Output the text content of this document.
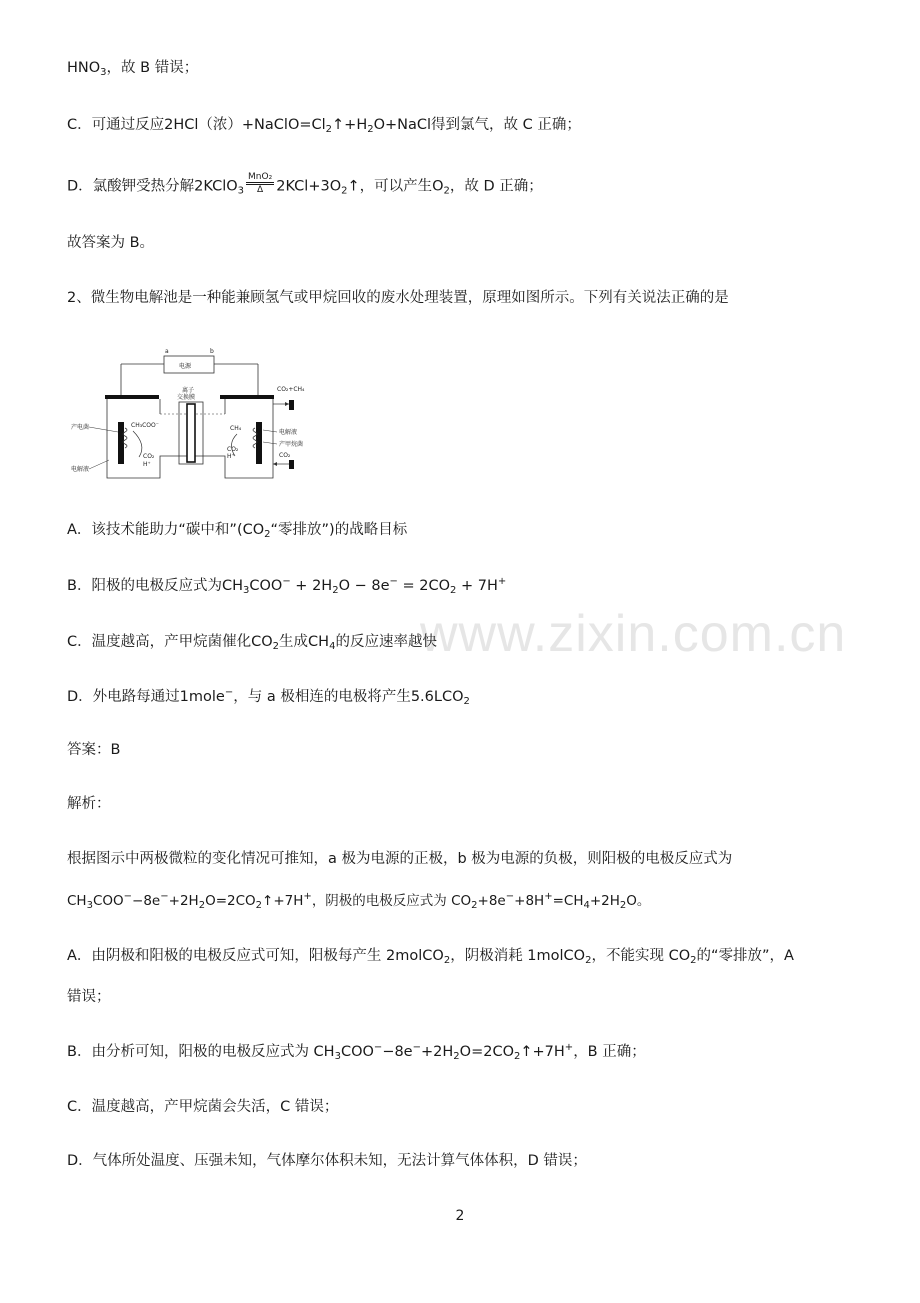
www.zixin.com.cn
$HNO_3$，故 B 错误；
C．可通过反应2HCl（浓）$+NaClO=Cl_2↑+H_2O+NaCl$得到氯气，故 C 正确；
D．氯酸钾受热分解2KClO$_3$ $\frac{\text{MnO₂}}{\Delta}$ $2KCl+3O_2↑$，可以产生$O_2$，故 D 正确；
故答案为 B。
2、微生物电解池是一种能兼顾氢气或甲烷回收的废水处理装置，原理如图所示。下列有关说法正确的是
电源
a	b
离子
交换膜
CH₃COO⁻
CO₂
H⁺
产电菌
电解液
CH₄
CO₂
H⁺
电解液
产甲烷菌
CO₂+CH₄
CO₂
A．该技术能助力“碳中和$”(CO_2“$零排放”)的战略目标
B．阳极的电极反应式为$CH_3COO^- + 2H_2O - 8e^- = 2CO_2 + 7H^+$
C．温度越高，产甲烷菌催化$CO_2$生成$CH_4$的反应速率越快
D．外电路每通过1mole−，与 a 极相连的电极将产生$5.6LCO_2$
答案：B
解析：
根据图示中两极微粒的变化情况可推知，a 极为电源的正极，b 极为电源的负极，则阳极的电极反应式为
$CH_3COO^--8e^-+2H_2O=2CO_2↑+7H^+$，阴极的电极反应式为 $CO_2+8e^-+8H^+=CH_4+2H_2O$。
A．由阴极和阳极的电极反应式可知，阳极每产生 2molCO$_2$，阴极消耗 1molCO$_2$，不能实现 $CO_2$的“零排放”，A
错误；
B．由分析可知，阳极的电极反应式为 $CH_3COO^--8e^-+2H_2O=2CO_2↑+7H^+$，B 正确；
C．温度越高，产甲烷菌会失活，C 错误；
D．气体所处温度、压强未知，气体摩尔体积未知，无法计算气体体积，D 错误；
2
